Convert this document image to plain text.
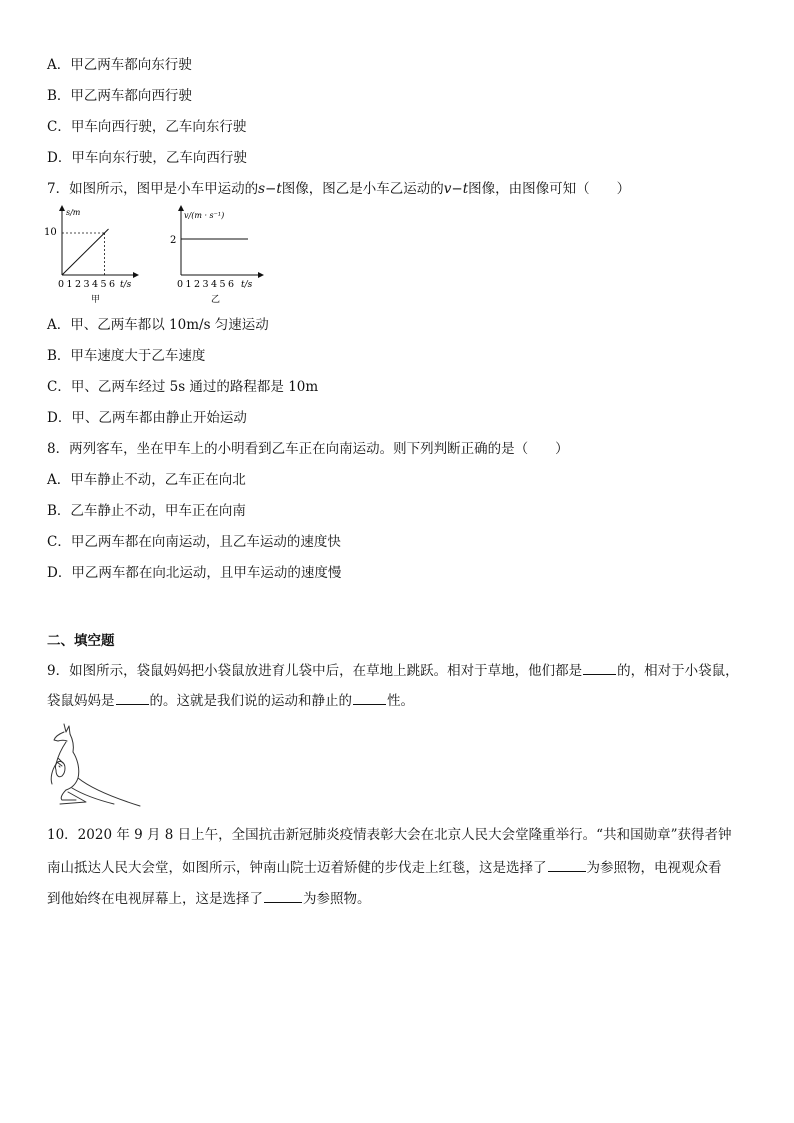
A．甲乙两车都向东行驶
B．甲乙两车都向西行驶
C．甲车向西行驶，乙车向东行驶
D．甲车向东行驶，乙车向西行驶
7．如图所示，图甲是小车甲运动的s−t图像，图乙是小车乙运动的v−t图像，由图像可知（　　）
s/m
10
0 1 2 3 4 5 6 t/s
甲
v/(m · s⁻¹)
2
0 1 2 3 4 5 6 t/s
乙
A．甲、乙两车都以 10m/s 匀速运动
B．甲车速度大于乙车速度
C．甲、乙两车经过 5s 通过的路程都是 10m
D．甲、乙两车都由静止开始运动
8．两列客车，坐在甲车上的小明看到乙车正在向南运动。则下列判断正确的是（　　）
A．甲车静止不动，乙车正在向北
B．乙车静止不动，甲车正在向南
C．甲乙两车都在向南运动，且乙车运动的速度快
D．甲乙两车都在向北运动，且甲车运动的速度慢
二、填空题
9．如图所示，袋鼠妈妈把小袋鼠放进育儿袋中后，在草地上跳跃。相对于草地，他们都是	的，相对于小袋鼠，
袋鼠妈妈是	的。这就是我们说的运动和静止的	性。
10．2020 年 9 月 8 日上午，全国抗击新冠肺炎疫情表彰大会在北京人民大会堂隆重举行。“共和国勋章”获得者钟
南山抵达人民大会堂，如图所示，钟南山院士迈着矫健的步伐走上红毯，这是选择了	为参照物，电视观众看
到他始终在电视屏幕上，这是选择了	为参照物。
